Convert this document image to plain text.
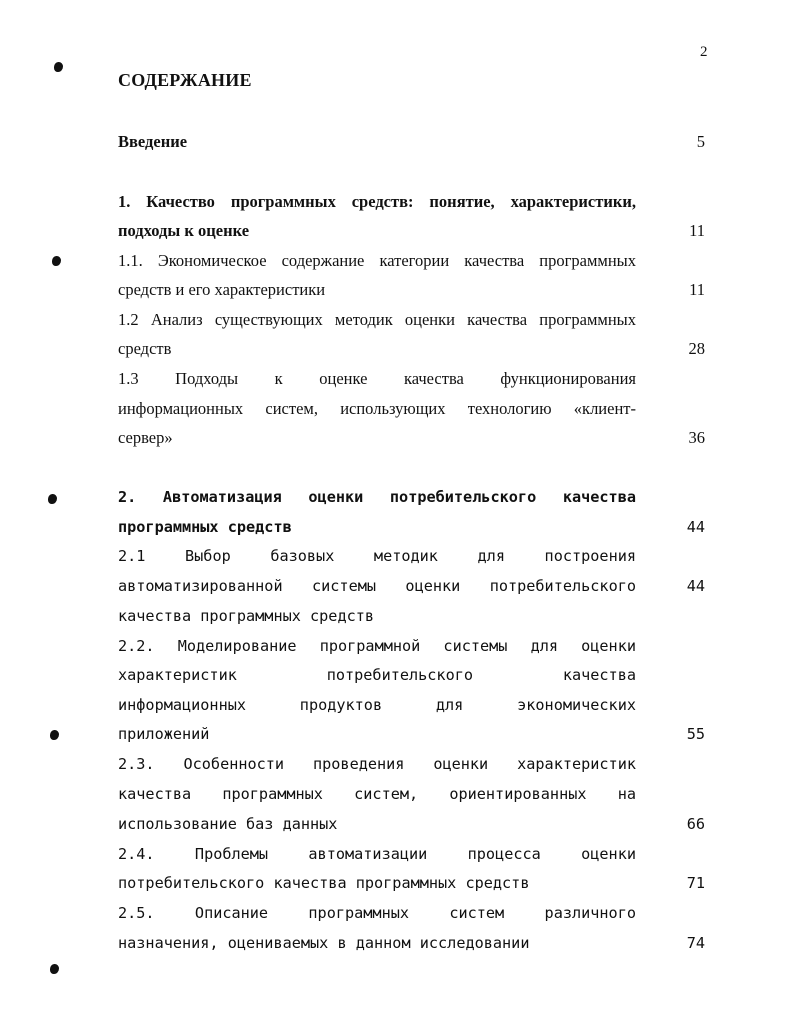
2
СОДЕРЖАНИЕ
Введение	5
1. Качество программных средств: понятие, характеристики,
подходы к оценке	11
1.1. Экономическое содержание категории качества программных
средств и его характеристики	11
1.2 Анализ существующих методик оценки качества программных
средств	28
1.3 Подходы к оценке качества функционирования
информационных систем, использующих технологию «клиент-
сервер»	36
2. Автоматизация оценки потребительского качества
программных средств	44
2.1 Выбор базовых методик для построения
автоматизированной системы оценки потребительского	44
качества программных средств
2.2. Моделирование программной системы для оценки
характеристик потребительского качества
информационных продуктов для экономических
приложений	55
2.3. Особенности проведения оценки характеристик
качества программных систем, ориентированных на
использование баз данных	66
2.4. Проблемы автоматизации процесса оценки
потребительского качества программных средств	71
2.5. Описание программных систем различного
назначения, оцениваемых в данном исследовании	74
